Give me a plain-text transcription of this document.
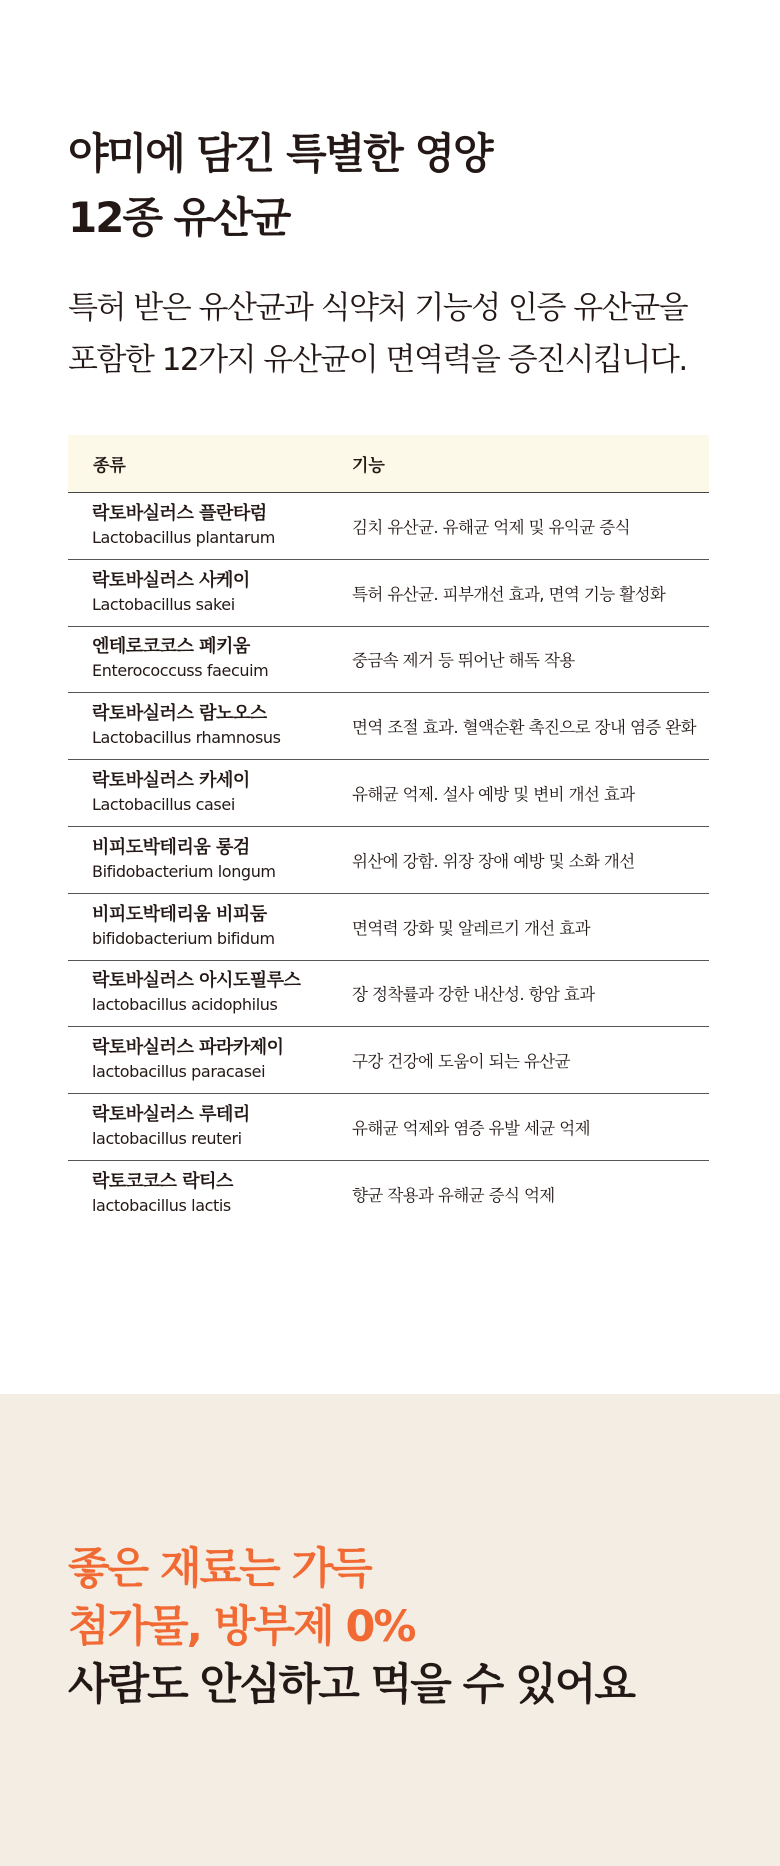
야미에 담긴 특별한 영양
12종 유산균

특허 받은 유산균과 식약처 기능성 인증 유산균을
포함한 12가지 유산균이 면역력을 증진시킵니다.

종류	기능
락토바실러스 플란타럼
Lactobacillus plantarum
김치 유산균. 유해균 억제 및 유익균 증식
락토바실러스 사케이
Lactobacillus sakei
특허 유산균. 피부개선 효과, 면역 기능 활성화
엔테로코코스 페키움
Enterococcuss faecuim
중금속 제거 등 뛰어난 해독 작용
락토바실러스 람노오스
Lactobacillus rhamnosus
면역 조절 효과. 혈액순환 촉진으로 장내 염증 완화
락토바실러스 카세이
Lactobacillus casei
유해균 억제. 설사 예방 및 변비 개선 효과
비피도박테리움 롱검
Bifidobacterium longum
위산에 강함. 위장 장애 예방 및 소화 개선
비피도박테리움 비피둠
bifidobacterium bifidum
면역력 강화 및 알레르기 개선 효과
락토바실러스 아시도필루스
lactobacillus acidophilus
장 정착률과 강한 내산성. 항암 효과
락토바실러스 파라카제이
lactobacillus paracasei
구강 건강에 도움이 되는 유산균
락토바실러스 루테리
lactobacillus reuteri
유해균 억제와 염증 유발 세균 억제
락토코코스 락티스
lactobacillus lactis
향균 작용과 유해균 증식 억제
좋은 재료는 가득
첨가물, 방부제 0%
사람도 안심하고 먹을 수 있어요
